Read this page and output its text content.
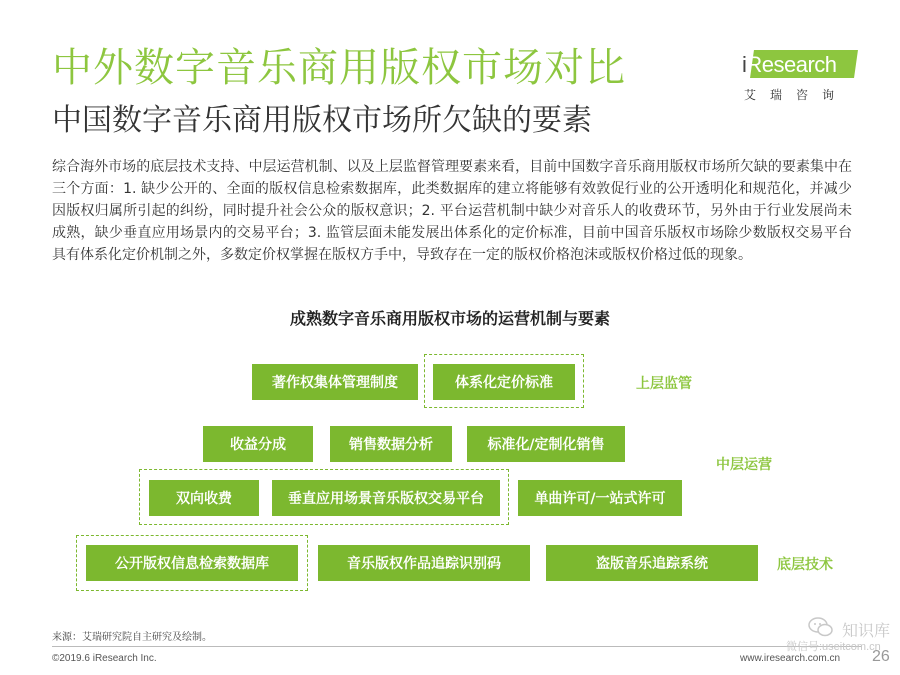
中外数字音乐商用版权市场对比
中国数字音乐商用版权市场所欠缺的要素
iResearch
艾瑞咨询
综合海外市场的底层技术支持、中层运营机制、以及上层监督管理要素来看，目前中国数字音乐商用版权市场所欠缺的要素集中在三个方面：1. 缺少公开的、全面的版权信息检索数据库，此类数据库的建立将能够有效敦促行业的公开透明化和规范化，并减少因版权归属所引起的纠纷，同时提升社会公众的版权意识；2. 平台运营机制中缺少对音乐人的收费环节，另外由于行业发展尚未成熟，缺少垂直应用场景内的交易平台；3. 监管层面未能发展出体系化的定价标准，目前中国音乐版权市场除少数版权交易平台具有体系化定价机制之外，多数定价权掌握在版权方手中，导致存在一定的版权价格泡沫或版权价格过低的现象。
成熟数字音乐商用版权市场的运营机制与要素
著作权集体管理制度	体系化定价标准	上层监管
收益分成	销售数据分析	标准化/定制化销售
中层运营
双向收费	垂直应用场景音乐版权交易平台	单曲许可/一站式许可
公开版权信息检索数据库	音乐版权作品追踪识别码	盗版音乐追踪系统	底层技术
来源：艾瑞研究院自主研究及绘制。
©2019.6 iResearch Inc.	www.iresearch.com.cn 26
知识库
微信号:useitcom.cn
